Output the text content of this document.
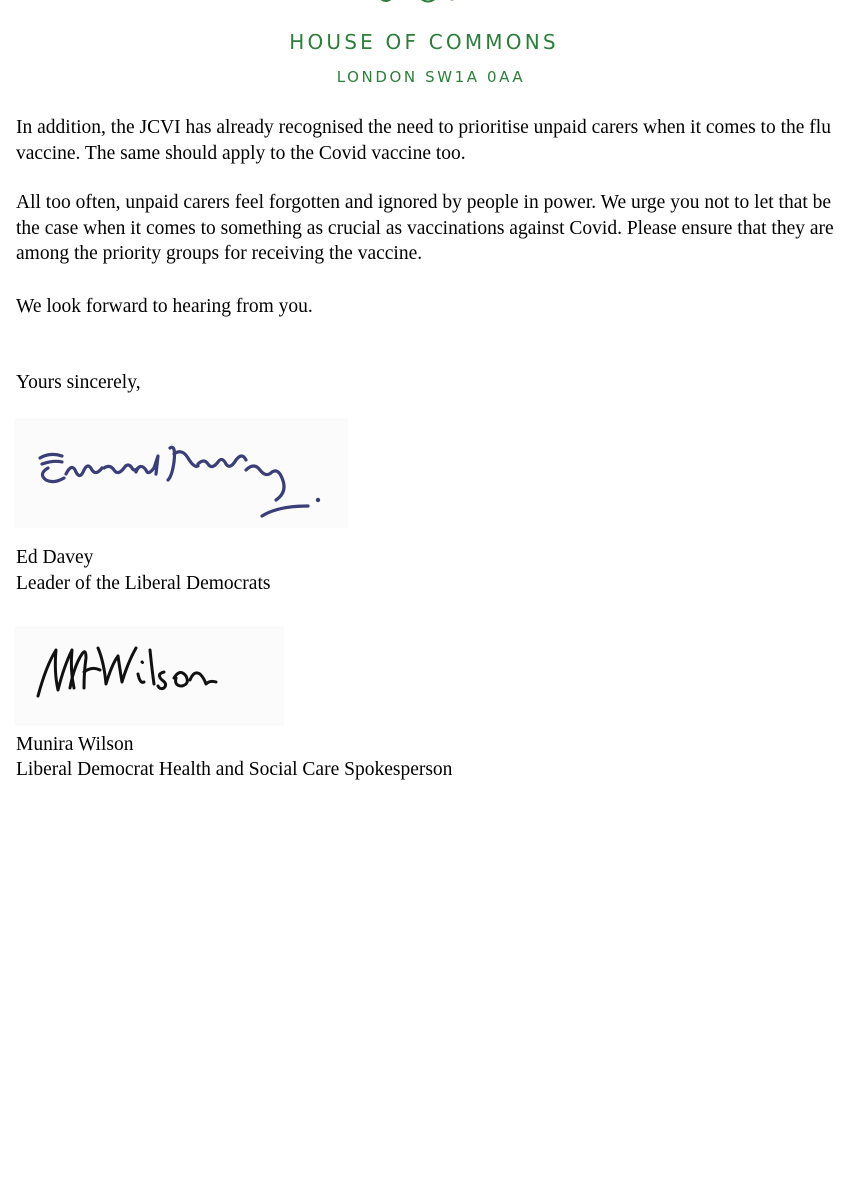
HOUSE OF COMMONS
LONDON SW1A 0AA

In addition, the JCVI has already recognised the need to prioritise unpaid carers when it comes to the flu vaccine. The same should apply to the Covid vaccine too.

All too often, unpaid carers feel forgotten and ignored by people in power. We urge you not to let that be the case when it comes to something as crucial as vaccinations against Covid. Please ensure that they are among the priority groups for receiving the vaccine.

We look forward to hearing from you.

Yours sincerely,

Ed Davey

Leader of the Liberal Democrats

Munira Wilson

Liberal Democrat Health and Social Care Spokesperson
